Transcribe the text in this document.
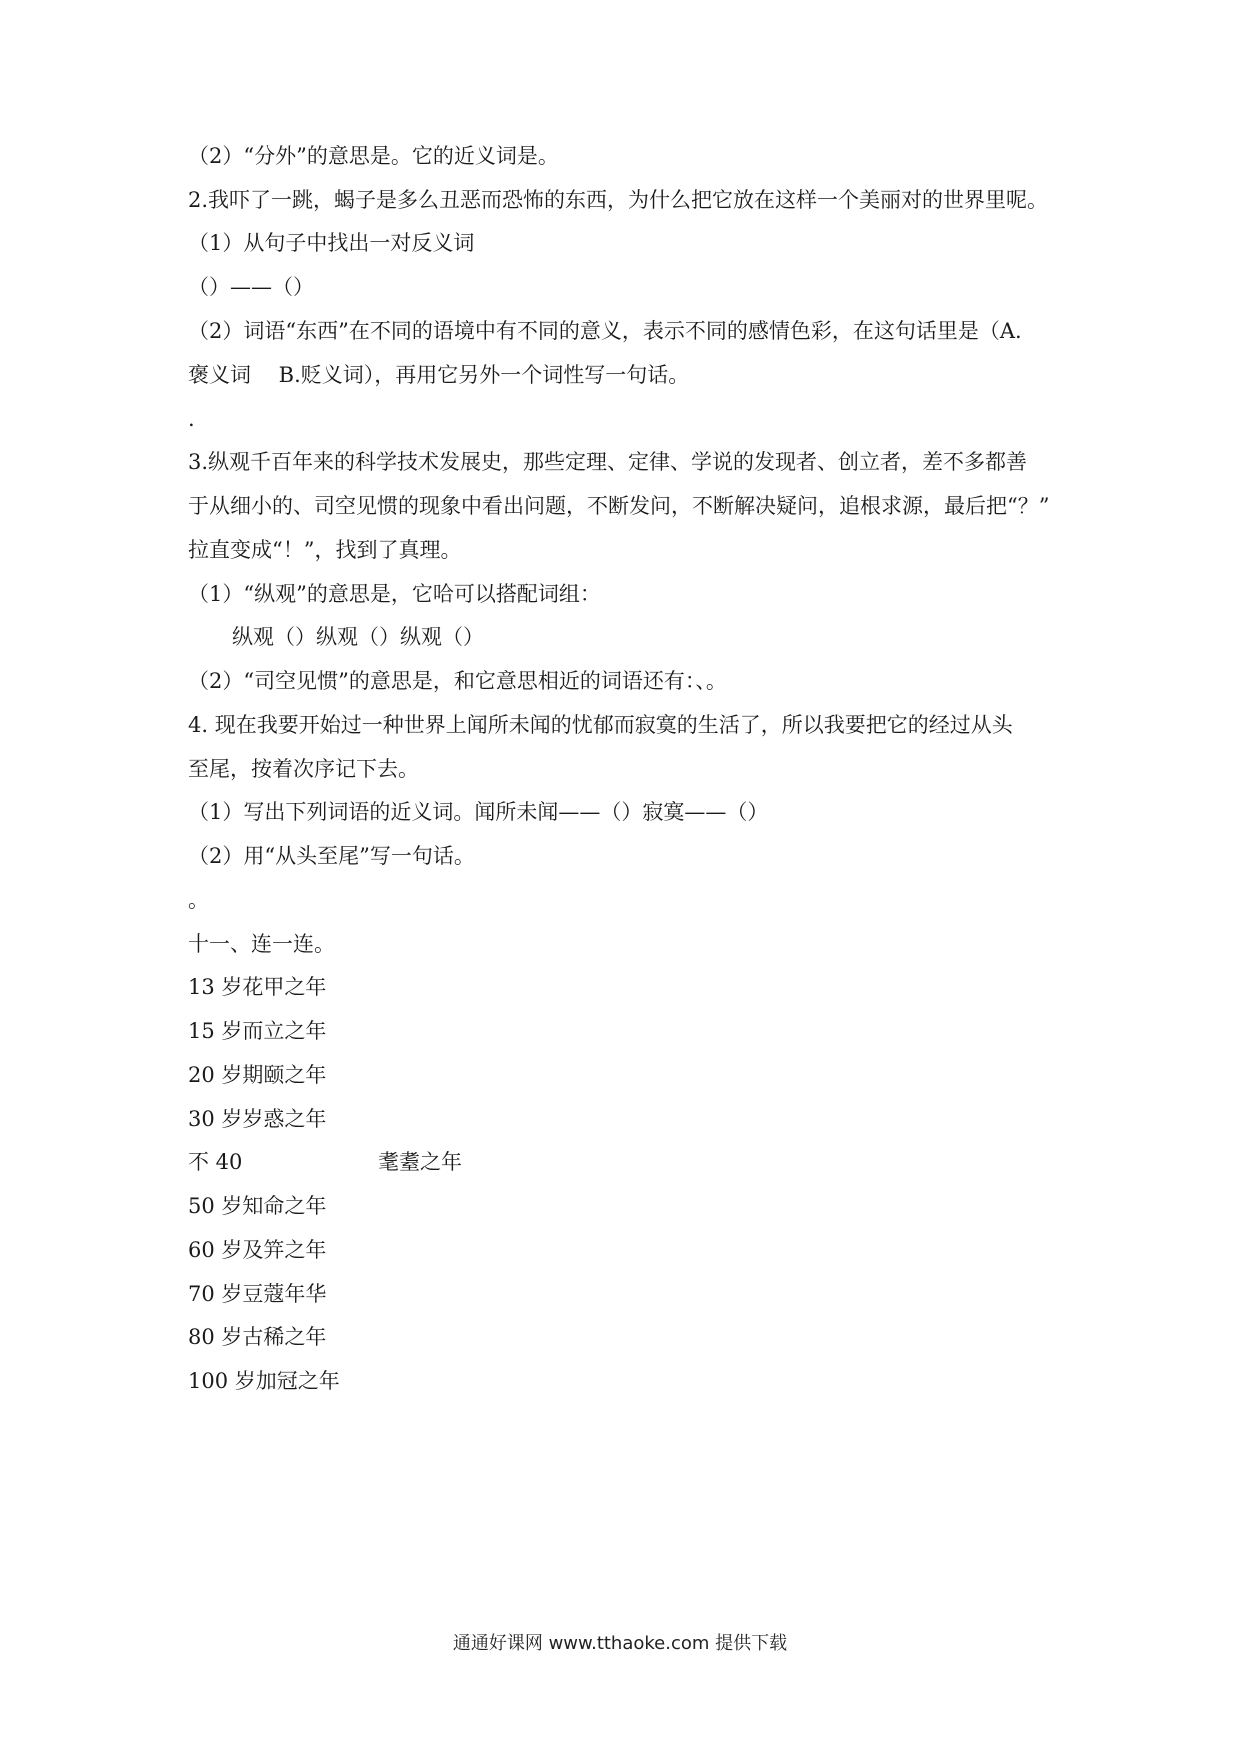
（2）“分外”的意思是。它的近义词是。
2.我吓了一跳，蝎子是多么丑恶而恐怖的东西，为什么把它放在这样一个美丽对的世界里呢。
（1）从句子中找出一对反义词
（）——（）
（2）词语“东西”在不同的语境中有不同的意义，表示不同的感情色彩，在这句话里是（A.
褒义词　 B.贬义词），再用它另外一个词性写一句话。
.
3.纵观千百年来的科学技术发展史，那些定理、定律、学说的发现者、创立者，差不多都善
于从细小的、司空见惯的现象中看出问题，不断发问，不断解决疑问，追根求源，最后把“？”
拉直变成“！”，找到了真理。
（1）“纵观”的意思是，它哈可以搭配词组：
纵观（）纵观（）纵观（）
（2）“司空见惯”的意思是，和它意思相近的词语还有：、。
4. 现在我要开始过一种世界上闻所未闻的忧郁而寂寞的生活了，所以我要把它的经过从头
至尾，按着次序记下去。
（1）写出下列词语的近义词。闻所未闻——（）寂寞——（）
（2）用“从头至尾”写一句话。
。
十一、连一连。
13 岁花甲之年
15 岁而立之年
20 岁期颐之年
30 岁岁惑之年
不 40	耄耋之年
50 岁知命之年
60 岁及笄之年
70 岁豆蔻年华
80 岁古稀之年
100 岁加冠之年
通通好课网 www.tthaoke.com 提供下载
